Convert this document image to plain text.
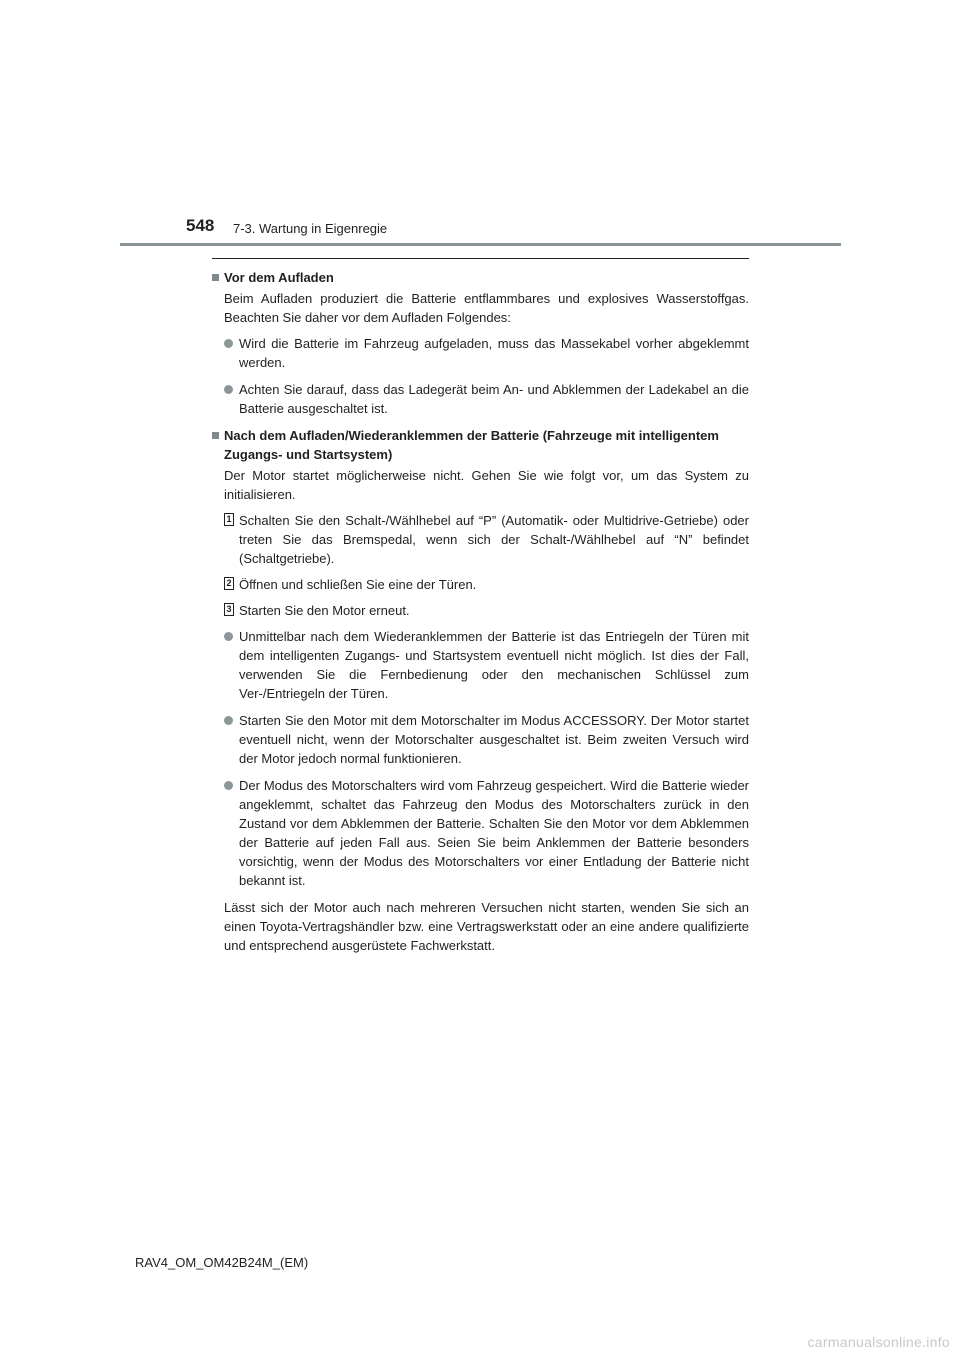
548 7-3. Wartung in Eigenregie
Vor dem Aufladen
Beim Aufladen produziert die Batterie entflammbares und explosives Wasserstoffgas. Beachten Sie daher vor dem Aufladen Folgendes:
Wird die Batterie im Fahrzeug aufgeladen, muss das Massekabel vorher abgeklemmt werden.
Achten Sie darauf, dass das Ladegerät beim An- und Abklemmen der Ladekabel an die Batterie ausgeschaltet ist.
Nach dem Aufladen/Wiederanklemmen der Batterie (Fahrzeuge mit intelligentem Zugangs- und Startsystem)
Der Motor startet möglicherweise nicht. Gehen Sie wie folgt vor, um das System zu initialisieren.
1 Schalten Sie den Schalt-/Wählhebel auf “P” (Automatik- oder Multidrive-Getriebe) oder treten Sie das Bremspedal, wenn sich der Schalt-/Wählhebel auf “N” befindet (Schaltgetriebe).
2 Öffnen und schließen Sie eine der Türen.
3 Starten Sie den Motor erneut.
Unmittelbar nach dem Wiederanklemmen der Batterie ist das Entriegeln der Türen mit dem intelligenten Zugangs- und Startsystem eventuell nicht möglich. Ist dies der Fall, verwenden Sie die Fernbedienung oder den mechanischen Schlüssel zum Ver-/Entriegeln der Türen.
Starten Sie den Motor mit dem Motorschalter im Modus ACCESSORY. Der Motor startet eventuell nicht, wenn der Motorschalter ausgeschaltet ist. Beim zweiten Versuch wird der Motor jedoch normal funktionieren.
Der Modus des Motorschalters wird vom Fahrzeug gespeichert. Wird die Batterie wieder angeklemmt, schaltet das Fahrzeug den Modus des Motorschalters zurück in den Zustand vor dem Abklemmen der Batterie. Schalten Sie den Motor vor dem Abklemmen der Batterie auf jeden Fall aus. Seien Sie beim Anklemmen der Batterie besonders vorsichtig, wenn der Modus des Motorschalters vor einer Entladung der Batterie nicht bekannt ist.
Lässt sich der Motor auch nach mehreren Versuchen nicht starten, wenden Sie sich an einen Toyota-Vertragshändler bzw. eine Vertragswerkstatt oder an eine andere qualifizierte und entsprechend ausgerüstete Fachwerkstatt.
RAV4_OM_OM42B24M_(EM)
carmanualsonline.info
